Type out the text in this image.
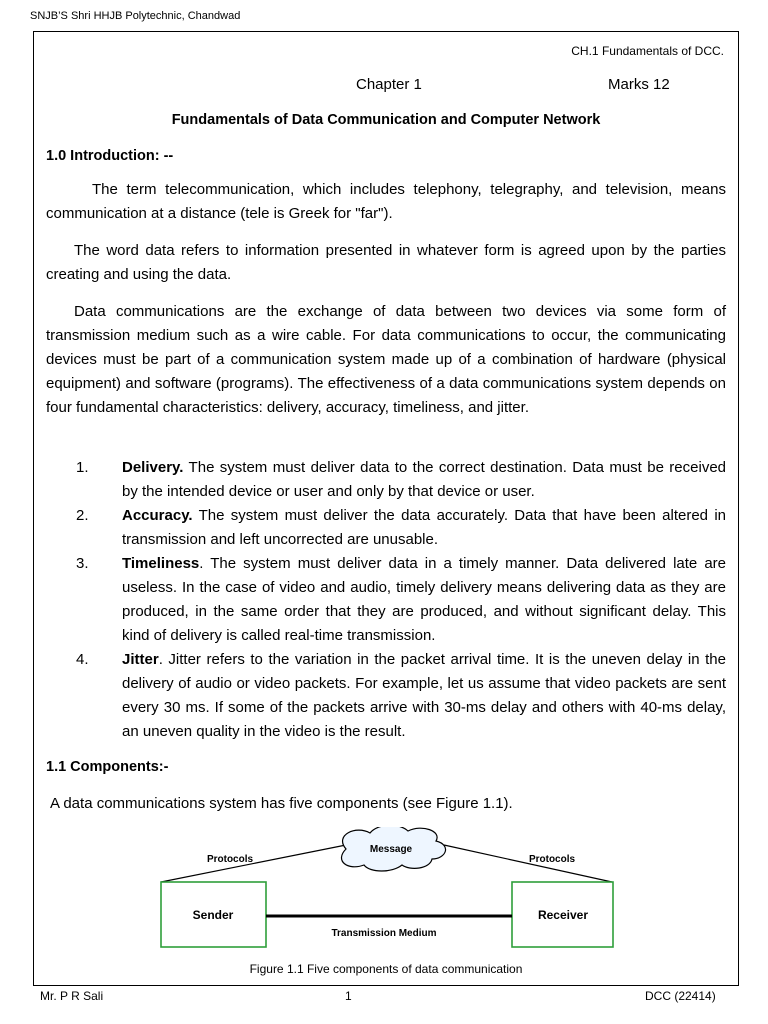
SNJB’S Shri HHJB Polytechnic, Chandwad
CH.1 Fundamentals of DCC.
Chapter 1	Marks 12
Fundamentals of Data Communication and Computer Network
1.0 Introduction: --

The term telecommunication, which includes telephony, telegraphy, and television, means communication at a distance (tele is Greek for "far").

The word data refers to information presented in whatever form is agreed upon by the parties creating and using the data.

Data communications are the exchange of data between two devices via some form of transmission medium such as a wire cable. For data communications to occur, the communicating devices must be part of a communication system made up of a combination of hardware (physical equipment) and software (programs). The effectiveness of a data communications system depends on four fundamental characteristics: delivery, accuracy, timeliness, and jitter.

1. Delivery. The system must deliver data to the correct destination. Data must be received by the intended device or user and only by that device or user.
2. Accuracy. The system must deliver the data accurately. Data that have been altered in transmission and left uncorrected are unusable.
3. Timeliness. The system must deliver data in a timely manner. Data delivered late are useless. In the case of video and audio, timely delivery means delivering data as they are produced, in the same order that they are produced, and without significant delay. This kind of delivery is called real-time transmission.
4. Jitter. Jitter refers to the variation in the packet arrival time. It is the uneven delay in the delivery of audio or video packets. For example, let us assume that video packets are sent every 30 ms. If some of the packets arrive with 30-ms delay and others with 40-ms delay, an uneven quality in the video is the result.
1.1 Components:-

A data communications system has five components (see Figure 1.1).

Message
Protocols	Protocols
Sender	Receiver
Transmission Medium
Figure 1.1 Five components of data communication
Mr. P R Sali	1	DCC (22414)
